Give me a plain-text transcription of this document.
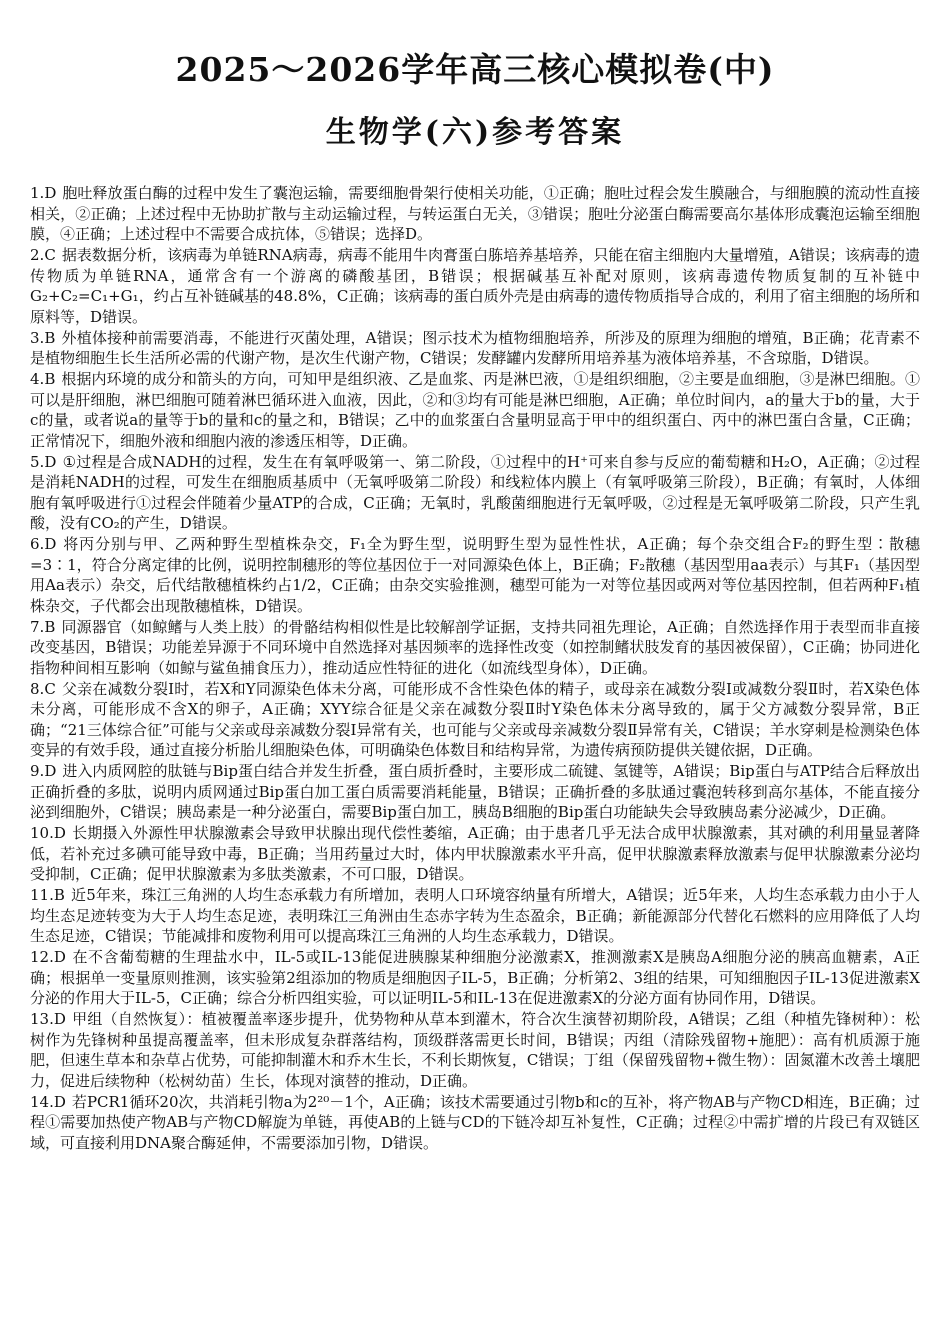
2025～2026学年高三核心模拟卷(中)
生物学(六)参考答案
1.D 胞吐释放蛋白酶的过程中发生了囊泡运输，需要细胞骨架行使相关功能，①正确；胞吐过程会发生膜融合，与细胞膜的流动性直接相关，②正确；上述过程中无协助扩散与主动运输过程，与转运蛋白无关，③错误；胞吐分泌蛋白酶需要高尔基体形成囊泡运输至细胞膜，④正确；上述过程中不需要合成抗体，⑤错误；选择D。
2.C 据表数据分析，该病毒为单链RNA病毒，病毒不能用牛肉膏蛋白胨培养基培养，只能在宿主细胞内大量增殖，A错误；该病毒的遗传物质为单链RNA，通常含有一个游离的磷酸基团，B错误；根据碱基互补配对原则，该病毒遗传物质复制的互补链中G₂+C₂=C₁+G₁，约占互补链碱基的48.8%，C正确；该病毒的蛋白质外壳是由病毒的遗传物质指导合成的，利用了宿主细胞的场所和原料等，D错误。
3.B 外植体接种前需要消毒，不能进行灭菌处理，A错误；图示技术为植物细胞培养，所涉及的原理为细胞的增殖，B正确；花青素不是植物细胞生长生活所必需的代谢产物，是次生代谢产物，C错误；发酵罐内发酵所用培养基为液体培养基，不含琼脂，D错误。
4.B 根据内环境的成分和箭头的方向，可知甲是组织液、乙是血浆、丙是淋巴液，①是组织细胞，②主要是血细胞，③是淋巴细胞。①可以是肝细胞，淋巴细胞可随着淋巴循环进入血液，因此，②和③均有可能是淋巴细胞，A正确；单位时间内，a的量大于b的量，大于c的量，或者说a的量等于b的量和c的量之和，B错误；乙中的血浆蛋白含量明显高于甲中的组织蛋白、丙中的淋巴蛋白含量，C正确；正常情况下，细胞外液和细胞内液的渗透压相等，D正确。
5.D ①过程是合成NADH的过程，发生在有氧呼吸第一、第二阶段，①过程中的H⁺可来自参与反应的葡萄糖和H₂O，A正确；②过程是消耗NADH的过程，可发生在细胞质基质中（无氧呼吸第二阶段）和线粒体内膜上（有氧呼吸第三阶段），B正确；有氧时，人体细胞有氧呼吸进行①过程会伴随着少量ATP的合成，C正确；无氧时，乳酸菌细胞进行无氧呼吸，②过程是无氧呼吸第二阶段，只产生乳酸，没有CO₂的产生，D错误。
6.D 将丙分别与甲、乙两种野生型植株杂交，F₁全为野生型，说明野生型为显性性状，A正确；每个杂交组合F₂的野生型∶散穗=3∶1，符合分离定律的比例，说明控制穗形的等位基因位于一对同源染色体上，B正确；F₂散穗（基因型用aa表示）与其F₁（基因型用Aa表示）杂交，后代结散穗植株约占1/2，C正确；由杂交实验推测，穗型可能为一对等位基因或两对等位基因控制，但若两种F₁植株杂交，子代都会出现散穗植株，D错误。
7.B 同源器官（如鲸鳍与人类上肢）的骨骼结构相似性是比较解剖学证据，支持共同祖先理论，A正确；自然选择作用于表型而非直接改变基因，B错误；功能差异源于不同环境中自然选择对基因频率的选择性改变（如控制鳍状肢发育的基因被保留），C正确；协同进化指物种间相互影响（如鲸与鲨鱼捕食压力），推动适应性特征的进化（如流线型身体），D正确。
8.C 父亲在减数分裂Ⅰ时，若X和Y同源染色体未分离，可能形成不含性染色体的精子，或母亲在减数分裂Ⅰ或减数分裂Ⅱ时，若X染色体未分离，可能形成不含X的卵子，A正确；XYY综合征是父亲在减数分裂Ⅱ时Y染色体未分离导致的，属于父方减数分裂异常，B正确；“21三体综合征”可能与父亲或母亲减数分裂Ⅰ异常有关，也可能与父亲或母亲减数分裂Ⅱ异常有关，C错误；羊水穿刺是检测染色体变异的有效手段，通过直接分析胎儿细胞染色体，可明确染色体数目和结构异常，为遗传病预防提供关键依据，D正确。
9.D 进入内质网腔的肽链与Bip蛋白结合并发生折叠，蛋白质折叠时，主要形成二硫键、氢键等，A错误；Bip蛋白与ATP结合后释放出正确折叠的多肽，说明内质网通过Bip蛋白加工蛋白质需要消耗能量，B错误；正确折叠的多肽通过囊泡转移到高尔基体，不能直接分泌到细胞外，C错误；胰岛素是一种分泌蛋白，需要Bip蛋白加工，胰岛B细胞的Bip蛋白功能缺失会导致胰岛素分泌减少，D正确。
10.D 长期摄入外源性甲状腺激素会导致甲状腺出现代偿性萎缩，A正确；由于患者几乎无法合成甲状腺激素，其对碘的利用量显著降低，若补充过多碘可能导致中毒，B正确；当用药量过大时，体内甲状腺激素水平升高，促甲状腺激素释放激素与促甲状腺激素分泌均受抑制，C正确；促甲状腺激素为多肽类激素，不可口服，D错误。
11.B 近5年来，珠江三角洲的人均生态承载力有所增加，表明人口环境容纳量有所增大，A错误；近5年来，人均生态承载力由小于人均生态足迹转变为大于人均生态足迹，表明珠江三角洲由生态赤字转为生态盈余，B正确；新能源部分代替化石燃料的应用降低了人均生态足迹，C错误；节能减排和废物利用可以提高珠江三角洲的人均生态承载力，D错误。
12.D 在不含葡萄糖的生理盐水中，IL-5或IL-13能促进胰腺某种细胞分泌激素X，推测激素X是胰岛A细胞分泌的胰高血糖素，A正确；根据单一变量原则推测，该实验第2组添加的物质是细胞因子IL-5，B正确；分析第2、3组的结果，可知细胞因子IL-13促进激素X分泌的作用大于IL-5，C正确；综合分析四组实验，可以证明IL-5和IL-13在促进激素X的分泌方面有协同作用，D错误。
13.D 甲组（自然恢复）：植被覆盖率逐步提升，优势物种从草本到灌木，符合次生演替初期阶段，A错误；乙组（种植先锋树种）：松树作为先锋树种虽提高覆盖率，但未形成复杂群落结构，顶级群落需更长时间，B错误；丙组（清除残留物+施肥）：高有机质源于施肥，但速生草本和杂草占优势，可能抑制灌木和乔木生长，不利长期恢复，C错误；丁组（保留残留物+微生物）：固氮灌木改善土壤肥力，促进后续物种（松树幼苗）生长，体现对演替的推动，D正确。
14.D 若PCR1循环20次，共消耗引物a为2²⁰－1个，A正确；该技术需要通过引物b和c的互补，将产物AB与产物CD相连，B正确；过程①需要加热使产物AB与产物CD解旋为单链，再使AB的上链与CD的下链冷却互补复性，C正确；过程②中需扩增的片段已有双链区域，可直接利用DNA聚合酶延伸，不需要添加引物，D错误。
